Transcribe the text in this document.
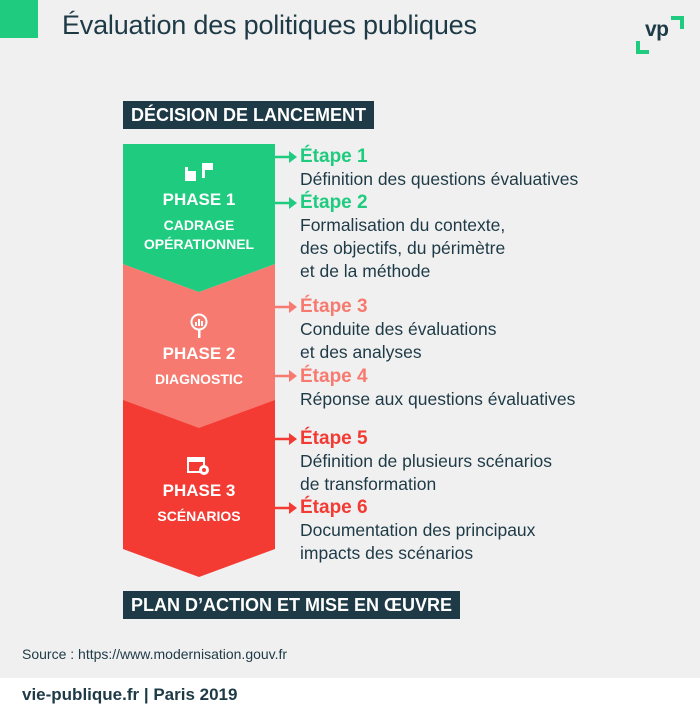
Évaluation des politiques publiques	vp
DÉCISION DE LANCEMENT
PLAN D’ACTION ET MISE EN ŒUVRE
PHASE 1
CADRAGE
OPÉRATIONNEL
PHASE 2
DIAGNOSTIC
PHASE 3
SCÉNARIOS
Étape 1
Définition des questions évaluatives
Étape 2
Formalisation du contexte,
des objectifs, du périmètre
et de la méthode
Étape 3
Conduite des évaluations
et des analyses
Étape 4
Réponse aux questions évaluatives
Étape 5
Définition de plusieurs scénarios
de transformation
Étape 6
Documentation des principaux
impacts des scénarios
Source : https://www.modernisation.gouv.fr
vie-publique.fr | Paris 2019
